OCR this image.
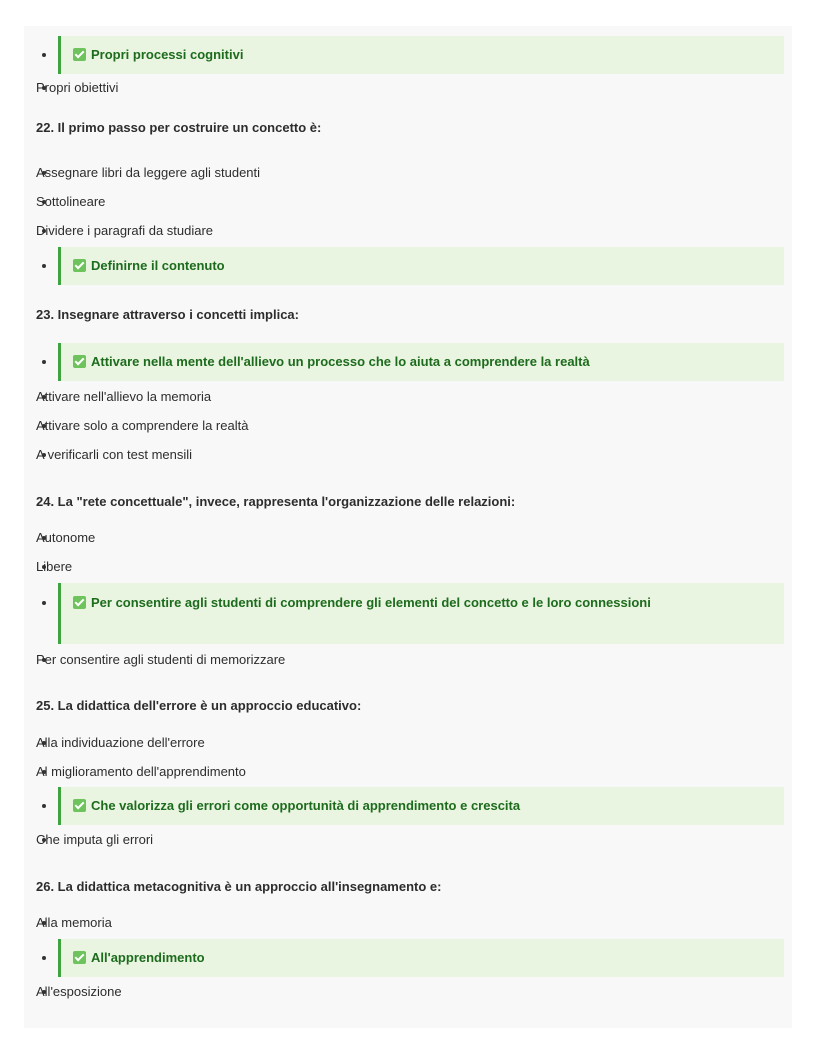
Propri processi cognitivi
Propri obiettivi
22. Il primo passo per costruire un concetto è:
Assegnare libri da leggere agli studenti
Sottolineare
Dividere i paragrafi da studiare
Definirne il contenuto
23. Insegnare attraverso i concetti implica:
Attivare nella mente dell'allievo un processo che lo aiuta a comprendere la realtà
Attivare nell'allievo la memoria
Attivare solo a comprendere la realtà
A verificarli con test mensili
24. La "rete concettuale", invece, rappresenta l'organizzazione delle relazioni:
Autonome
Libere
Per consentire agli studenti di comprendere gli elementi del concetto e le loro connessioni
Per consentire agli studenti di memorizzare
25. La didattica dell'errore è un approccio educativo:
Alla individuazione dell'errore
Al miglioramento dell'apprendimento
Che valorizza gli errori come opportunità di apprendimento e crescita
Che imputa gli errori
26. La didattica metacognitiva è un approccio all'insegnamento e:
Alla memoria
All'apprendimento
All'esposizione
